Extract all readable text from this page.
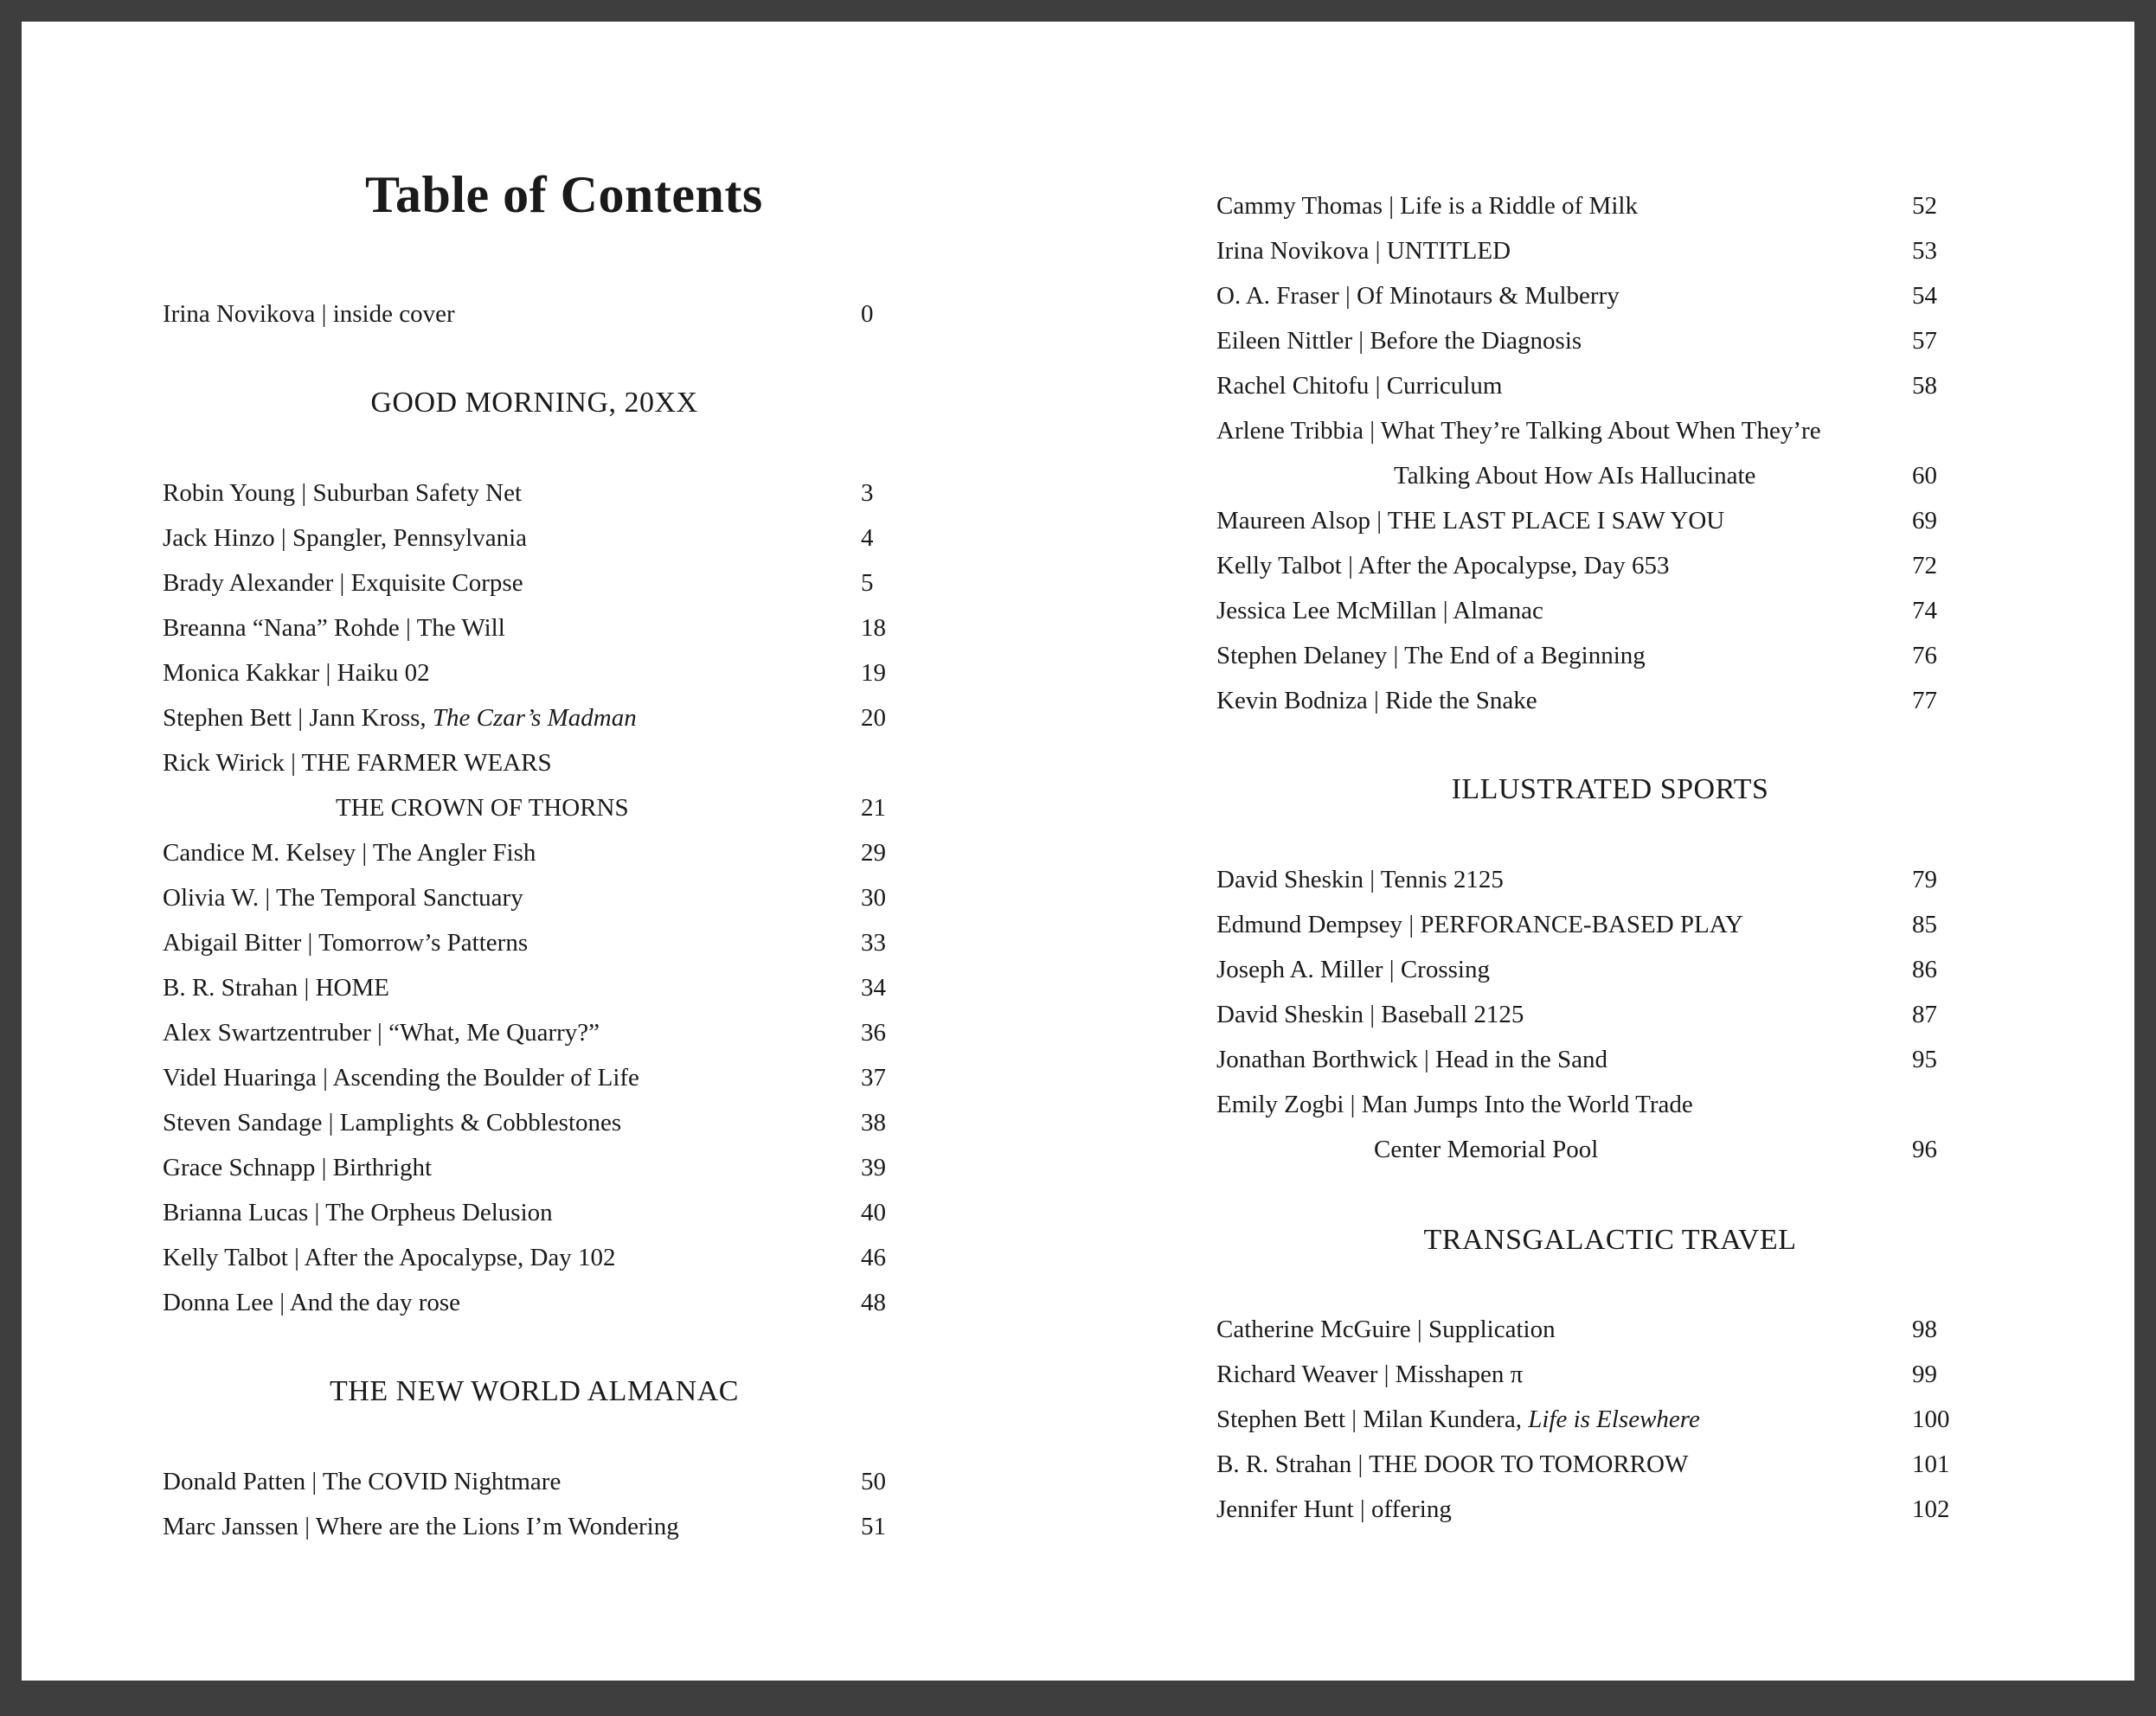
Table of Contents
Irina Novikova | inside cover	0
GOOD MORNING, 20XX
Robin Young | Suburban Safety Net	3
Jack Hinzo | Spangler, Pennsylvania	4
Brady Alexander | Exquisite Corpse	5
Breanna “Nana” Rohde | The Will	18
Monica Kakkar | Haiku 02	19
Stephen Bett | Jann Kross, The Czar’s Madman	20
Rick Wirick | THE FARMER WEARS
THE CROWN OF THORNS	21
Candice M. Kelsey | The Angler Fish	29
Olivia W. | The Temporal Sanctuary	30
Abigail Bitter | Tomorrow’s Patterns	33
B. R. Strahan | HOME	34
Alex Swartzentruber | “What, Me Quarry?”	36
Videl Huaringa | Ascending the Boulder of Life	37
Steven Sandage | Lamplights & Cobblestones	38
Grace Schnapp | Birthright	39
Brianna Lucas | The Orpheus Delusion	40
Kelly Talbot | After the Apocalypse, Day 102	46
Donna Lee | And the day rose	48
THE NEW WORLD ALMANAC
Donald Patten | The COVID Nightmare	50
Marc Janssen | Where are the Lions I’m Wondering	51
Cammy Thomas | Life is a Riddle of Milk	52
Irina Novikova | UNTITLED	53
O. A. Fraser | Of Minotaurs & Mulberry	54
Eileen Nittler | Before the Diagnosis	57
Rachel Chitofu | Curriculum	58
Arlene Tribbia | What They’re Talking About When They’re
Talking About How AIs Hallucinate	60
Maureen Alsop | THE LAST PLACE I SAW YOU	69
Kelly Talbot | After the Apocalypse, Day 653	72
Jessica Lee McMillan | Almanac	74
Stephen Delaney | The End of a Beginning	76
Kevin Bodniza | Ride the Snake	77
ILLUSTRATED SPORTS
David Sheskin | Tennis 2125	79
Edmund Dempsey | PERFORANCE-BASED PLAY	85
Joseph A. Miller | Crossing	86
David Sheskin | Baseball 2125	87
Jonathan Borthwick | Head in the Sand	95
Emily Zogbi | Man Jumps Into the World Trade
Center Memorial Pool	96
TRANSGALACTIC TRAVEL
Catherine McGuire | Supplication	98
Richard Weaver | Misshapen π	99
Stephen Bett | Milan Kundera, Life is Elsewhere	100
B. R. Strahan | THE DOOR TO TOMORROW	101
Jennifer Hunt | offering	102
